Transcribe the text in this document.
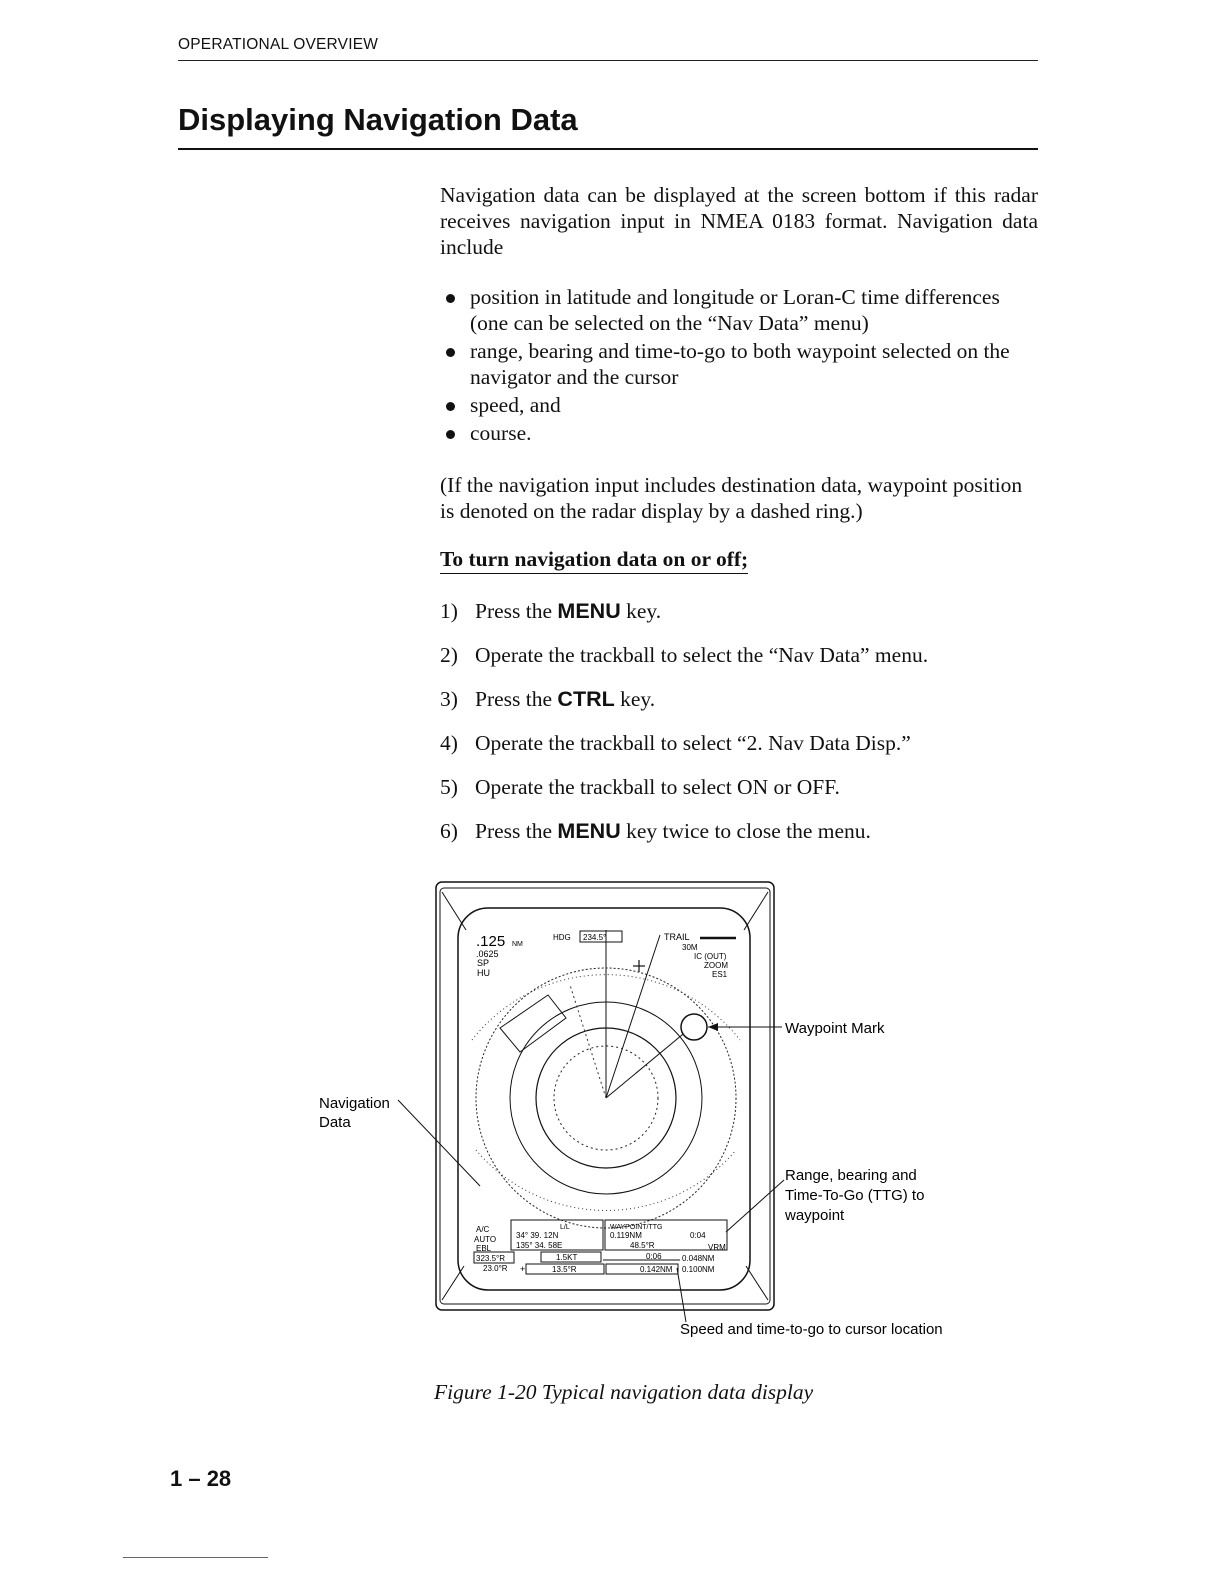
OPERATIONAL OVERVIEW
Displaying Navigation Data
Navigation data can be displayed at the screen bottom if this radar receives navigation input in NMEA 0183 format. Navigation data include
position in latitude and longitude or Loran-C time differences (one can be selected on the “Nav Data” menu)
range, bearing and time-to-go to both waypoint selected on the navigator and the cursor
speed, and
course.
(If the navigation input includes destination data, waypoint position is denoted on the radar display by a dashed ring.)
To turn navigation data on or off;
1) Press the MENU key.
2) Operate the trackball to select the “Nav Data” menu.
3) Press the CTRL key.
4) Operate the trackball to select “2. Nav Data Disp.”
5) Operate the trackball to select ON or OFF.
6) Press the MENU key twice to close the menu.
.125 NM
.0625
SP
HU
HDG 234.5°	TRAIL
30M
IC (OUT)
ZOOM
ES1
A/C
AUTO
EBL
L/L
34° 39. 12N
135° 34. 58E
WAYPOINT/TTG
0.119NM	0:04
48.5°R	VRM
323.5°R	1.5KT	0:06	0.048NM
23.0°R +	13.5°R	0.142NM 0.100NM
Navigation
Data
Waypoint Mark
Range, bearing and
Time-To-Go (TTG) to
waypoint
Speed and time-to-go to cursor location
Figure 1-20 Typical navigation data display
1 – 28
